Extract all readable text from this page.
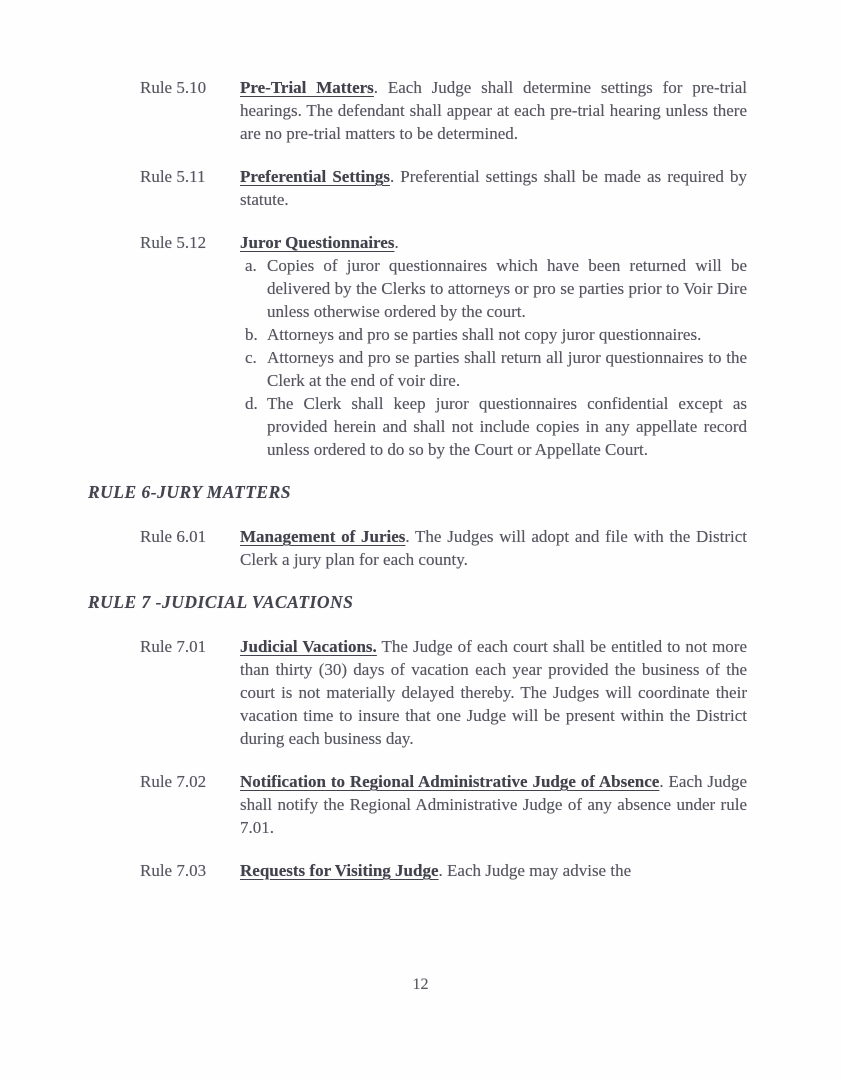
Rule 5.10	Pre-Trial Matters. Each Judge shall determine settings for pre-trial hearings. The defendant shall appear at each pre-trial hearing unless there are no pre-trial matters to be determined.

Rule 5.11	Preferential Settings. Preferential settings shall be made as required by statute.

Rule 5.12	Juror Questionnaires.

a. Copies of juror questionnaires which have been returned will be delivered by the Clerks to attorneys or pro se parties prior to Voir Dire unless otherwise ordered by the court.
b. Attorneys and pro se parties shall not copy juror questionnaires.
c. Attorneys and pro se parties shall return all juror questionnaires to the Clerk at the end of voir dire.
d. The Clerk shall keep juror questionnaires confidential except as provided herein and shall not include copies in any appellate record unless ordered to do so by the Court or Appellate Court.
RULE 6-JURY MATTERS
Rule 6.01	Management of Juries. The Judges will adopt and file with the District Clerk a jury plan for each county.

RULE 7 -JUDICIAL VACATIONS
Rule 7.01	Judicial Vacations. The Judge of each court shall be entitled to not more than thirty (30) days of vacation each year provided the business of the court is not materially delayed thereby. The Judges will coordinate their vacation time to insure that one Judge will be present within the District during each business day.

Rule 7.02	Notification to Regional Administrative Judge of Absence. Each Judge shall notify the Regional Administrative Judge of any absence under rule 7.01.

Rule 7.03	Requests for Visiting Judge. Each Judge may advise the

12
